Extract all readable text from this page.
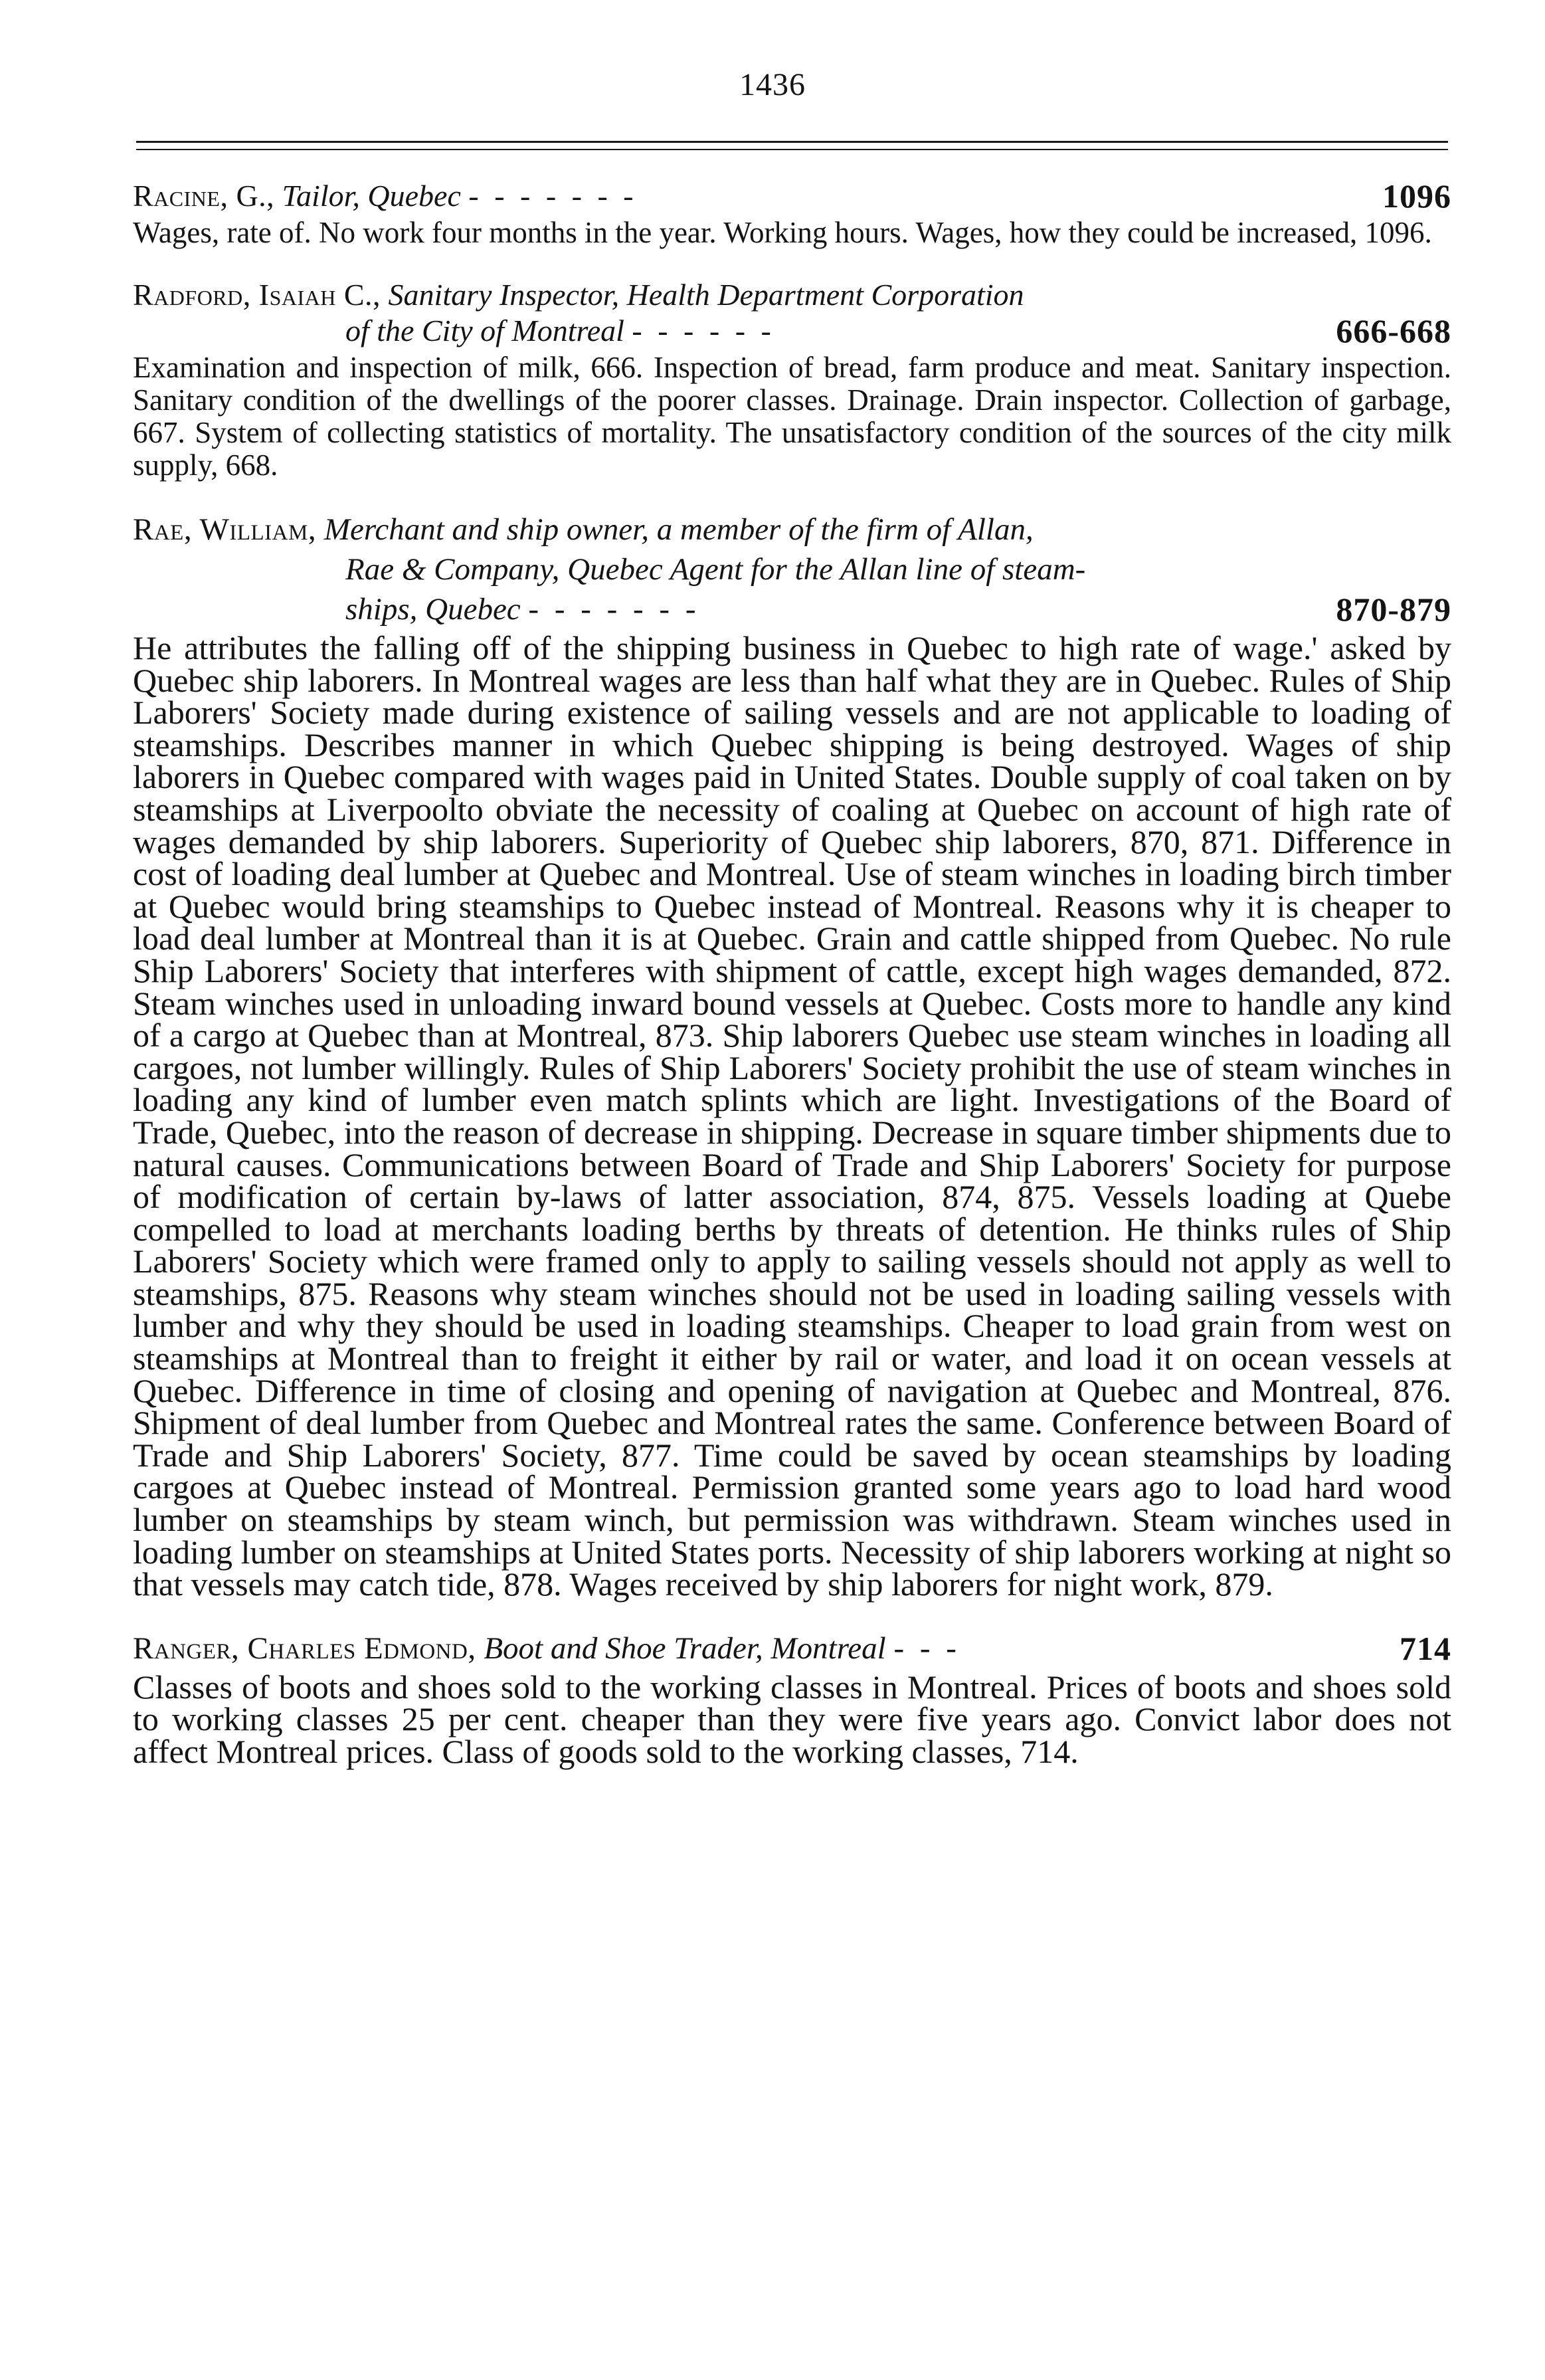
1436
Racine, G., Tailor, Quebec - - - - - - -	1096
Wages, rate of. No work four months in the year. Working hours. Wages, how they could be increased, 1096.
Radford, Isaiah C., Sanitary Inspector, Health Department Corporation
of the City of Montreal - - - - - -	666-668
Examination and inspection of milk, 666. Inspection of bread, farm produce and meat. Sanitary inspection. Sanitary condition of the dwellings of the poorer classes. Drainage. Drain inspector. Collection of garbage, 667. System of collecting statistics of mortality. The unsatisfactory condition of the sources of the city milk supply, 668.
Rae, William, Merchant and ship owner, a member of the firm of Allan,
Rae & Company, Quebec Agent for the Allan line of steam-
ships, Quebec - - - - - - -	870-879
He attributes the falling off of the shipping business in Quebec to high rate of wage.' asked by Quebec ship laborers. In Montreal wages are less than half what they are in Quebec. Rules of Ship Laborers' Society made during existence of sailing vessels and are not applicable to loading of steamships. Describes manner in which Quebec shipping is being destroyed. Wages of ship laborers in Quebec compared with wages paid in United States. Double supply of coal taken on by steamships at Liverpoolto obviate the necessity of coaling at Quebec on account of high rate of wages demanded by ship laborers. Superiority of Quebec ship laborers, 870, 871. Difference in cost of loading deal lumber at Quebec and Montreal. Use of steam winches in loading birch timber at Quebec would bring steamships to Quebec instead of Montreal. Reasons why it is cheaper to load deal lumber at Montreal than it is at Quebec. Grain and cattle shipped from Quebec. No rule Ship Laborers' Society that interferes with shipment of cattle, except high wages demanded, 872. Steam winches used in unloading inward bound vessels at Quebec. Costs more to handle any kind of a cargo at Quebec than at Montreal, 873. Ship laborers Quebec use steam winches in loading all cargoes, not lumber willingly. Rules of Ship Laborers' Society prohibit the use of steam winches in loading any kind of lumber even match splints which are light. Investigations of the Board of Trade, Quebec, into the reason of decrease in shipping. Decrease in square timber shipments due to natural causes. Communications between Board of Trade and Ship Laborers' Society for purpose of modification of certain by-laws of latter association, 874, 875. Vessels loading at Quebe compelled to load at merchants loading berths by threats of detention. He thinks rules of Ship Laborers' Society which were framed only to apply to sailing vessels should not apply as well to steamships, 875. Reasons why steam winches should not be used in loading sailing vessels with lumber and why they should be used in loading steamships. Cheaper to load grain from west on steamships at Montreal than to freight it either by rail or water, and load it on ocean vessels at Quebec. Difference in time of closing and opening of navigation at Quebec and Montreal, 876. Shipment of deal lumber from Quebec and Montreal rates the same. Conference between Board of Trade and Ship Laborers' Society, 877. Time could be saved by ocean steamships by loading cargoes at Quebec instead of Montreal. Permission granted some years ago to load hard wood lumber on steamships by steam winch, but permission was withdrawn. Steam winches used in loading lumber on steamships at United States ports. Necessity of ship laborers working at night so that vessels may catch tide, 878. Wages received by ship laborers for night work, 879.
Ranger, Charles Edmond, Boot and Shoe Trader, Montreal - - -	714
Classes of boots and shoes sold to the working classes in Montreal. Prices of boots and shoes sold to working classes 25 per cent. cheaper than they were five years ago. Convict labor does not affect Montreal prices. Class of goods sold to the working classes, 714.
